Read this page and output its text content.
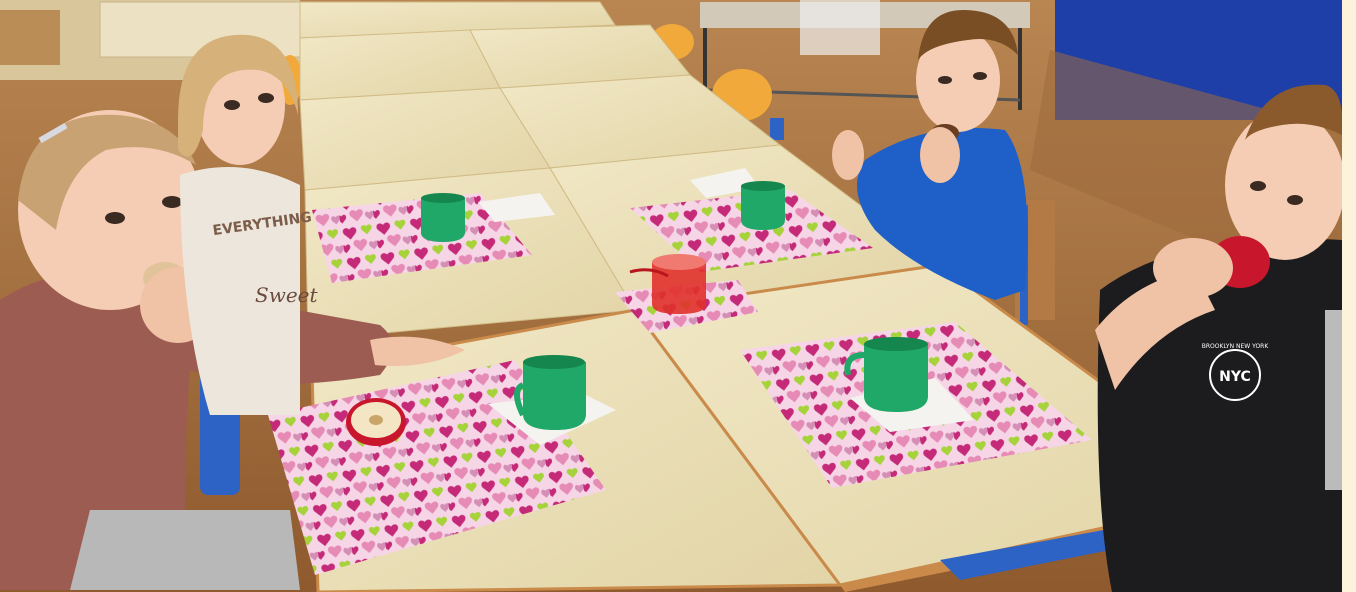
EVERYTHING
Sweet
NYC
BROOKLYN NEW YORK
